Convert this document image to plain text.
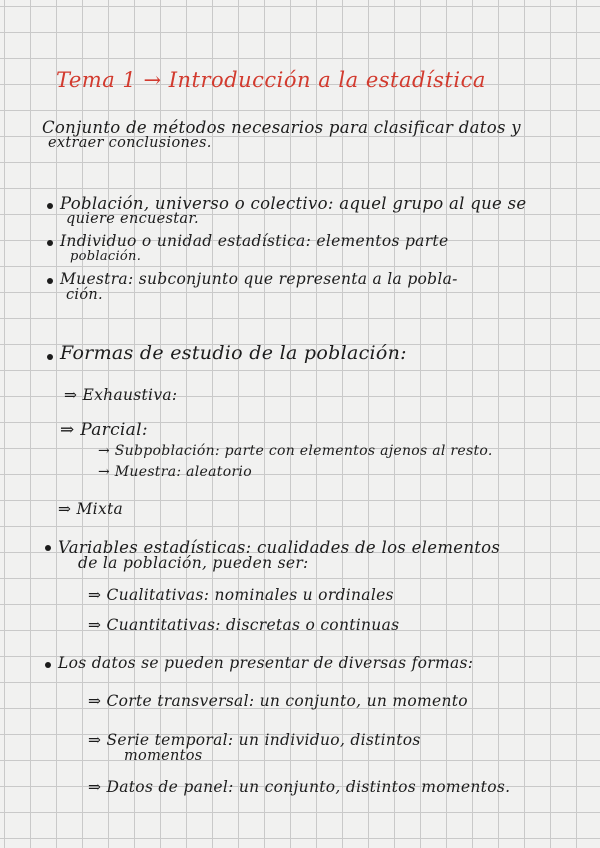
Tema 1 → Introducción a la estadística
Conjunto de métodos necesarios para clasificar datos y
extraer conclusiones.
Población, universo o colectivo: aquel grupo al que se
quiere encuestar.
Individuo o unidad estadística: elementos parte
población.
Muestra: subconjunto que representa a la pobla-
ción.
Formas de estudio de la población:
⇒ Exhaustiva:
⇒ Parcial:
→ Subpoblación: parte con elementos ajenos al resto.
→ Muestra: aleatorio
⇒ Mixta
Variables estadísticas: cualidades de los elementos
de la población, pueden ser:
⇒ Cualitativas: nominales u ordinales
⇒ Cuantitativas: discretas o continuas
Los datos se pueden presentar de diversas formas:
⇒ Corte transversal: un conjunto, un momento
⇒ Serie temporal: un individuo, distintos
momentos
⇒ Datos de panel: un conjunto, distintos momentos.
